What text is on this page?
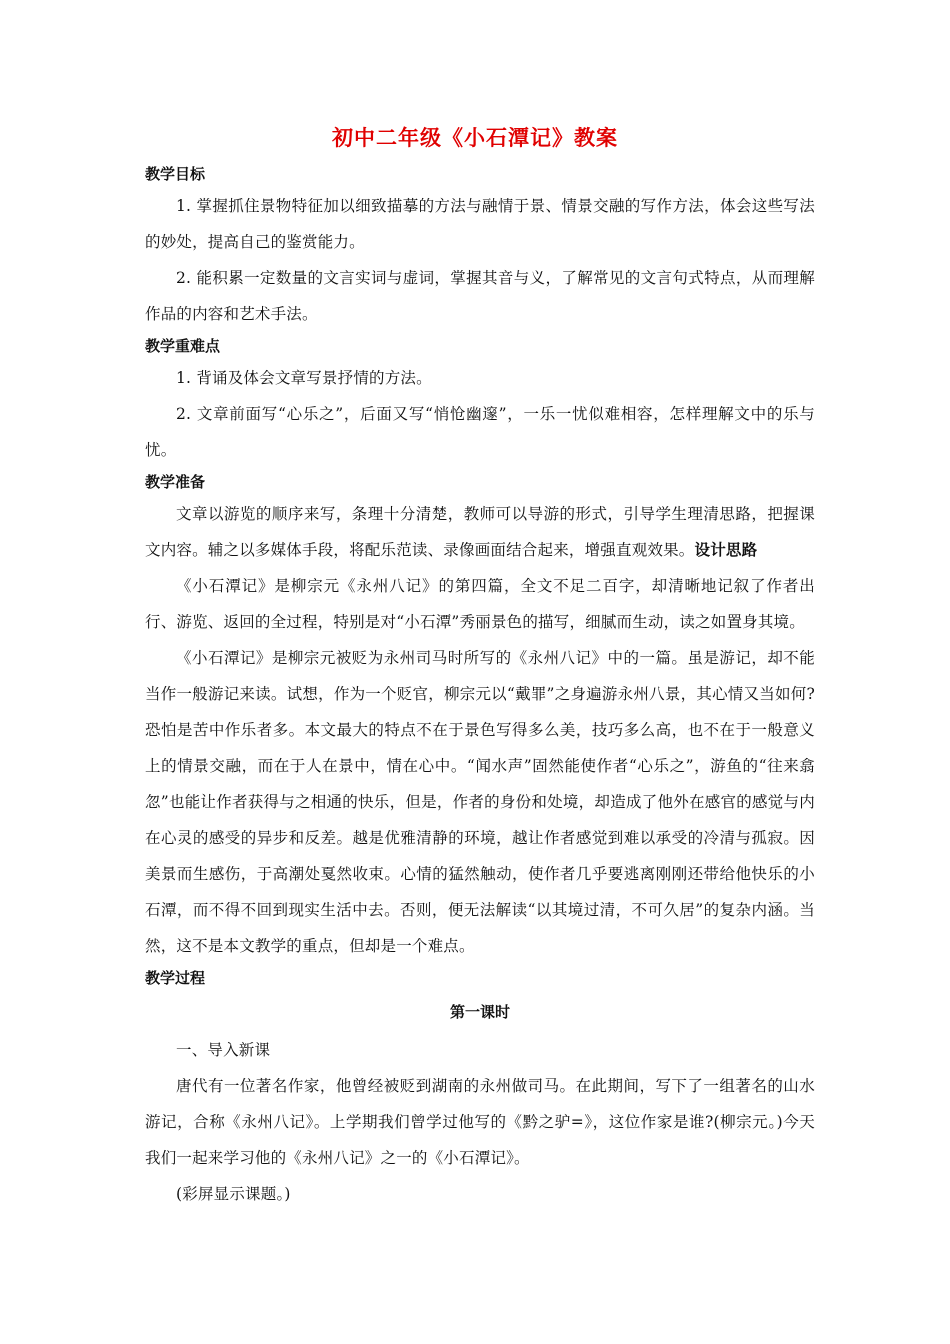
初中二年级《小石潭记》教案
教学目标

1. 掌握抓住景物特征加以细致描摹的方法与融情于景、情景交融的写作方法，体会这些写法的妙处，提高自己的鉴赏能力。

2. 能积累一定数量的文言实词与虚词，掌握其音与义，了解常见的文言句式特点，从而理解作品的内容和艺术手法。

教学重难点

1. 背诵及体会文章写景抒情的方法。

2. 文章前面写“心乐之”，后面又写“悄怆幽邃”，一乐一忧似难相容，怎样理解文中的乐与忧。

教学准备

文章以游览的顺序来写，条理十分清楚，教师可以导游的形式，引导学生理清思路，把握课文内容。辅之以多媒体手段，将配乐范读、录像画面结合起来，增强直观效果。设计思路

《小石潭记》是柳宗元《永州八记》的第四篇，全文不足二百字，却清晰地记叙了作者出行、游览、返回的全过程，特别是对“小石潭”秀丽景色的描写，细腻而生动，读之如置身其境。

《小石潭记》是柳宗元被贬为永州司马时所写的《永州八记》中的一篇。虽是游记，却不能当作一般游记来读。试想，作为一个贬官，柳宗元以“戴罪”之身遍游永州八景，其心情又当如何?恐怕是苦中作乐者多。本文最大的特点不在于景色写得多么美，技巧多么高，也不在于一般意义上的情景交融，而在于人在景中，情在心中。“闻水声”固然能使作者“心乐之”，游鱼的“往来翕忽”也能让作者获得与之相通的快乐，但是，作者的身份和处境，却造成了他外在感官的感觉与内在心灵的感受的异步和反差。越是优雅清静的环境，越让作者感觉到难以承受的冷清与孤寂。因美景而生感伤，于高潮处戛然收束。心情的猛然触动，使作者几乎要逃离刚刚还带给他快乐的小石潭，而不得不回到现实生活中去。否则，便无法解读“以其境过清，不可久居”的复杂内涵。当然，这不是本文教学的重点，但却是一个难点。

教学过程
第一课时

一、导入新课

唐代有一位著名作家，他曾经被贬到湖南的永州做司马。在此期间，写下了一组著名的山水游记，合称《永州八记》。上学期我们曾学过他写的《黔之驴=》，这位作家是谁?(柳宗元。)今天我们一起来学习他的《永州八记》之一的《小石潭记》。

(彩屏显示课题。)
